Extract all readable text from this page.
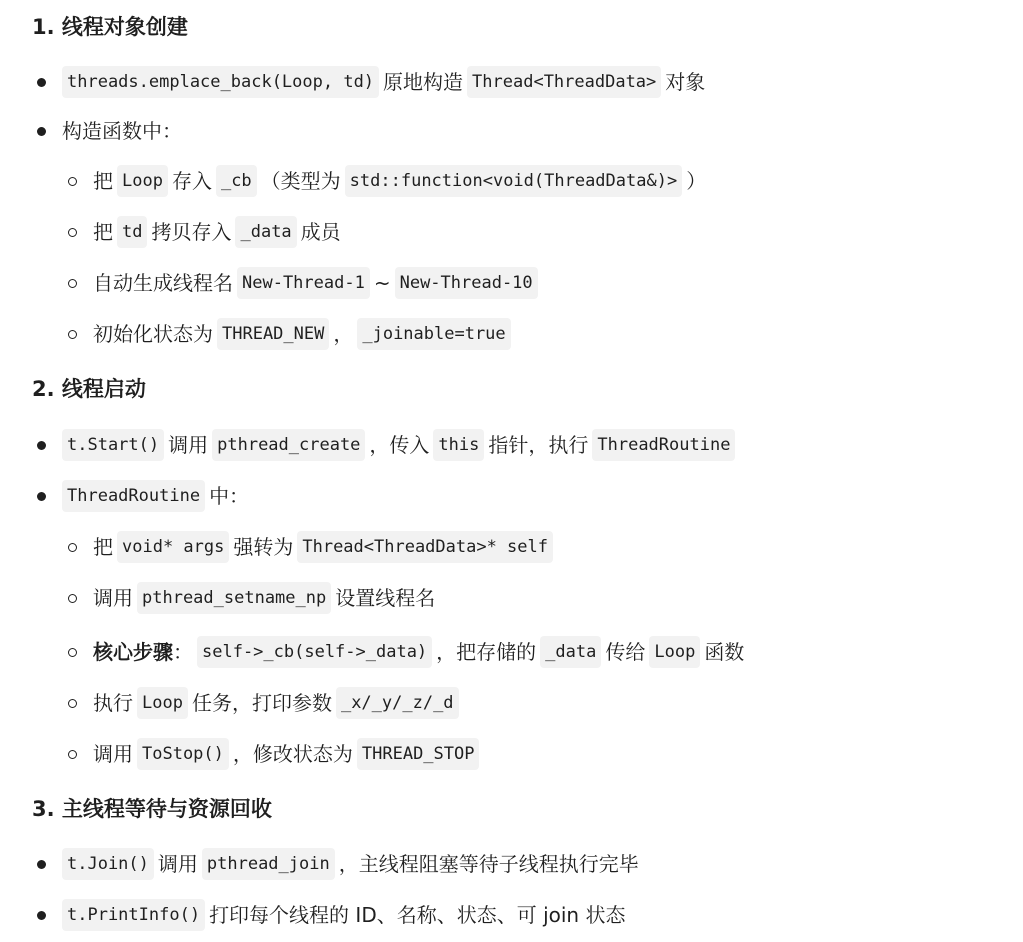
1. 线程对象创建
threads.emplace_back(Loop, td) 原地构造 Thread<ThreadData> 对象
构造函数中：
把 Loop 存入 _cb （类型为 std::function<void(ThreadData&)> ）
把 td 拷贝存入 _data 成员
自动生成线程名 New-Thread-1 ~ New-Thread-10
初始化状态为 THREAD_NEW ， _joinable=true
2. 线程启动
t.Start() 调用 pthread_create ，传入 this 指针，执行 ThreadRoutine
ThreadRoutine 中：
把 void* args 强转为 Thread<ThreadData>* self
调用 pthread_setname_np 设置线程名
核心步骤 ： self->_cb(self->_data) ，把存储的 _data 传给 Loop 函数
执行 Loop 任务，打印参数 _x/_y/_z/_d
调用 ToStop() ，修改状态为 THREAD_STOP
3. 主线程等待与资源回收
t.Join() 调用 pthread_join ，主线程阻塞等待子线程执行完毕
t.PrintInfo() 打印每个线程的 ID、名称、状态、可 join 状态
